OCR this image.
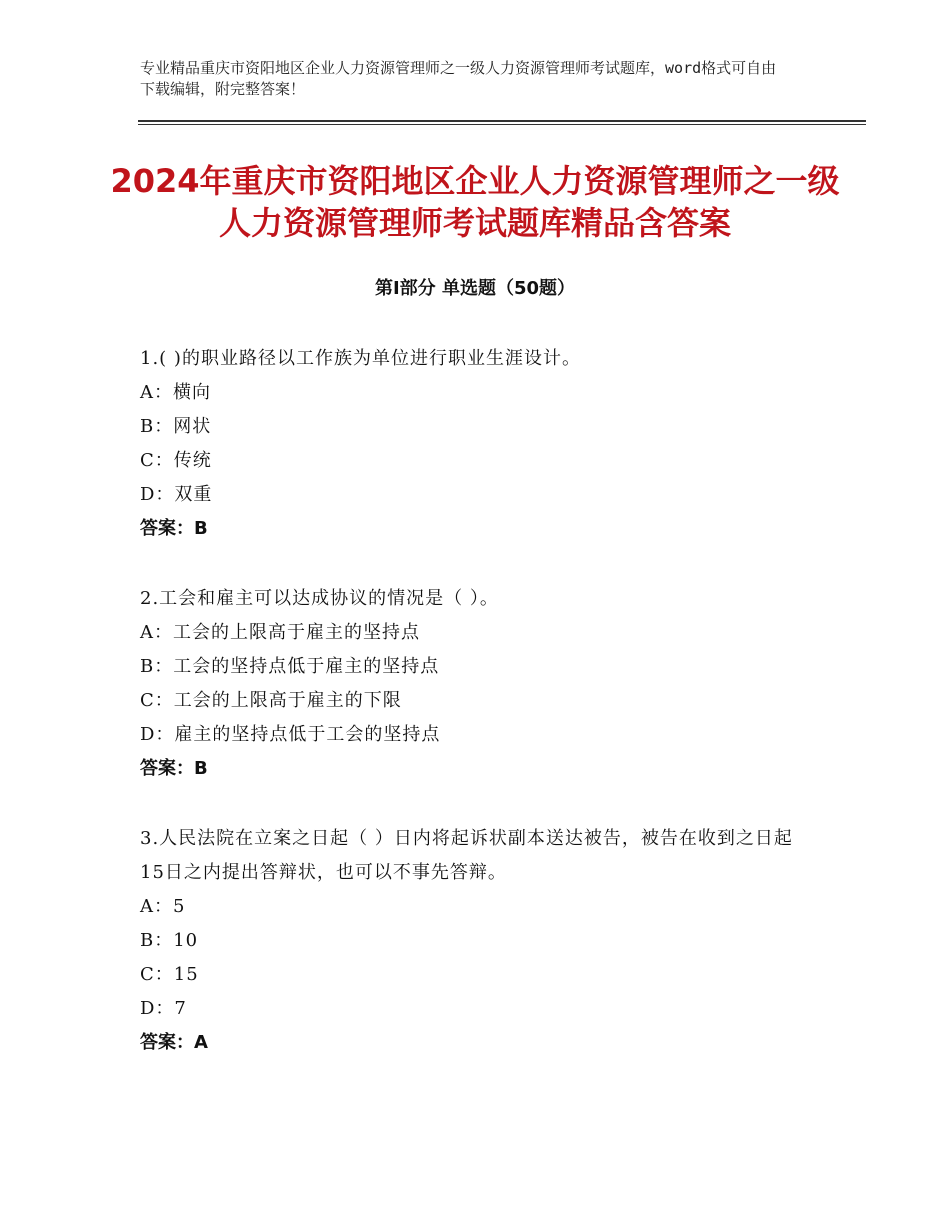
专业精品重庆市资阳地区企业人力资源管理师之一级人力资源管理师考试题库，word格式可自由下载编辑，附完整答案！
2024年重庆市资阳地区企业人力资源管理师之一级人力资源管理师考试题库精品含答案
第Ⅰ部分 单选题（50题）
1.( )的职业路径以工作族为单位进行职业生涯设计。
A：横向
B：网状
C：传统
D：双重
答案：B
2.工会和雇主可以达成协议的情况是（ ）。
A：工会的上限高于雇主的坚持点
B：工会的坚持点低于雇主的坚持点
C：工会的上限高于雇主的下限
D：雇主的坚持点低于工会的坚持点
答案：B
3.人民法院在立案之日起（ ）日内将起诉状副本送达被告，被告在收到之日起15日之内提出答辩状，也可以不事先答辩。
A：5
B：10
C：15
D：7
答案：A
